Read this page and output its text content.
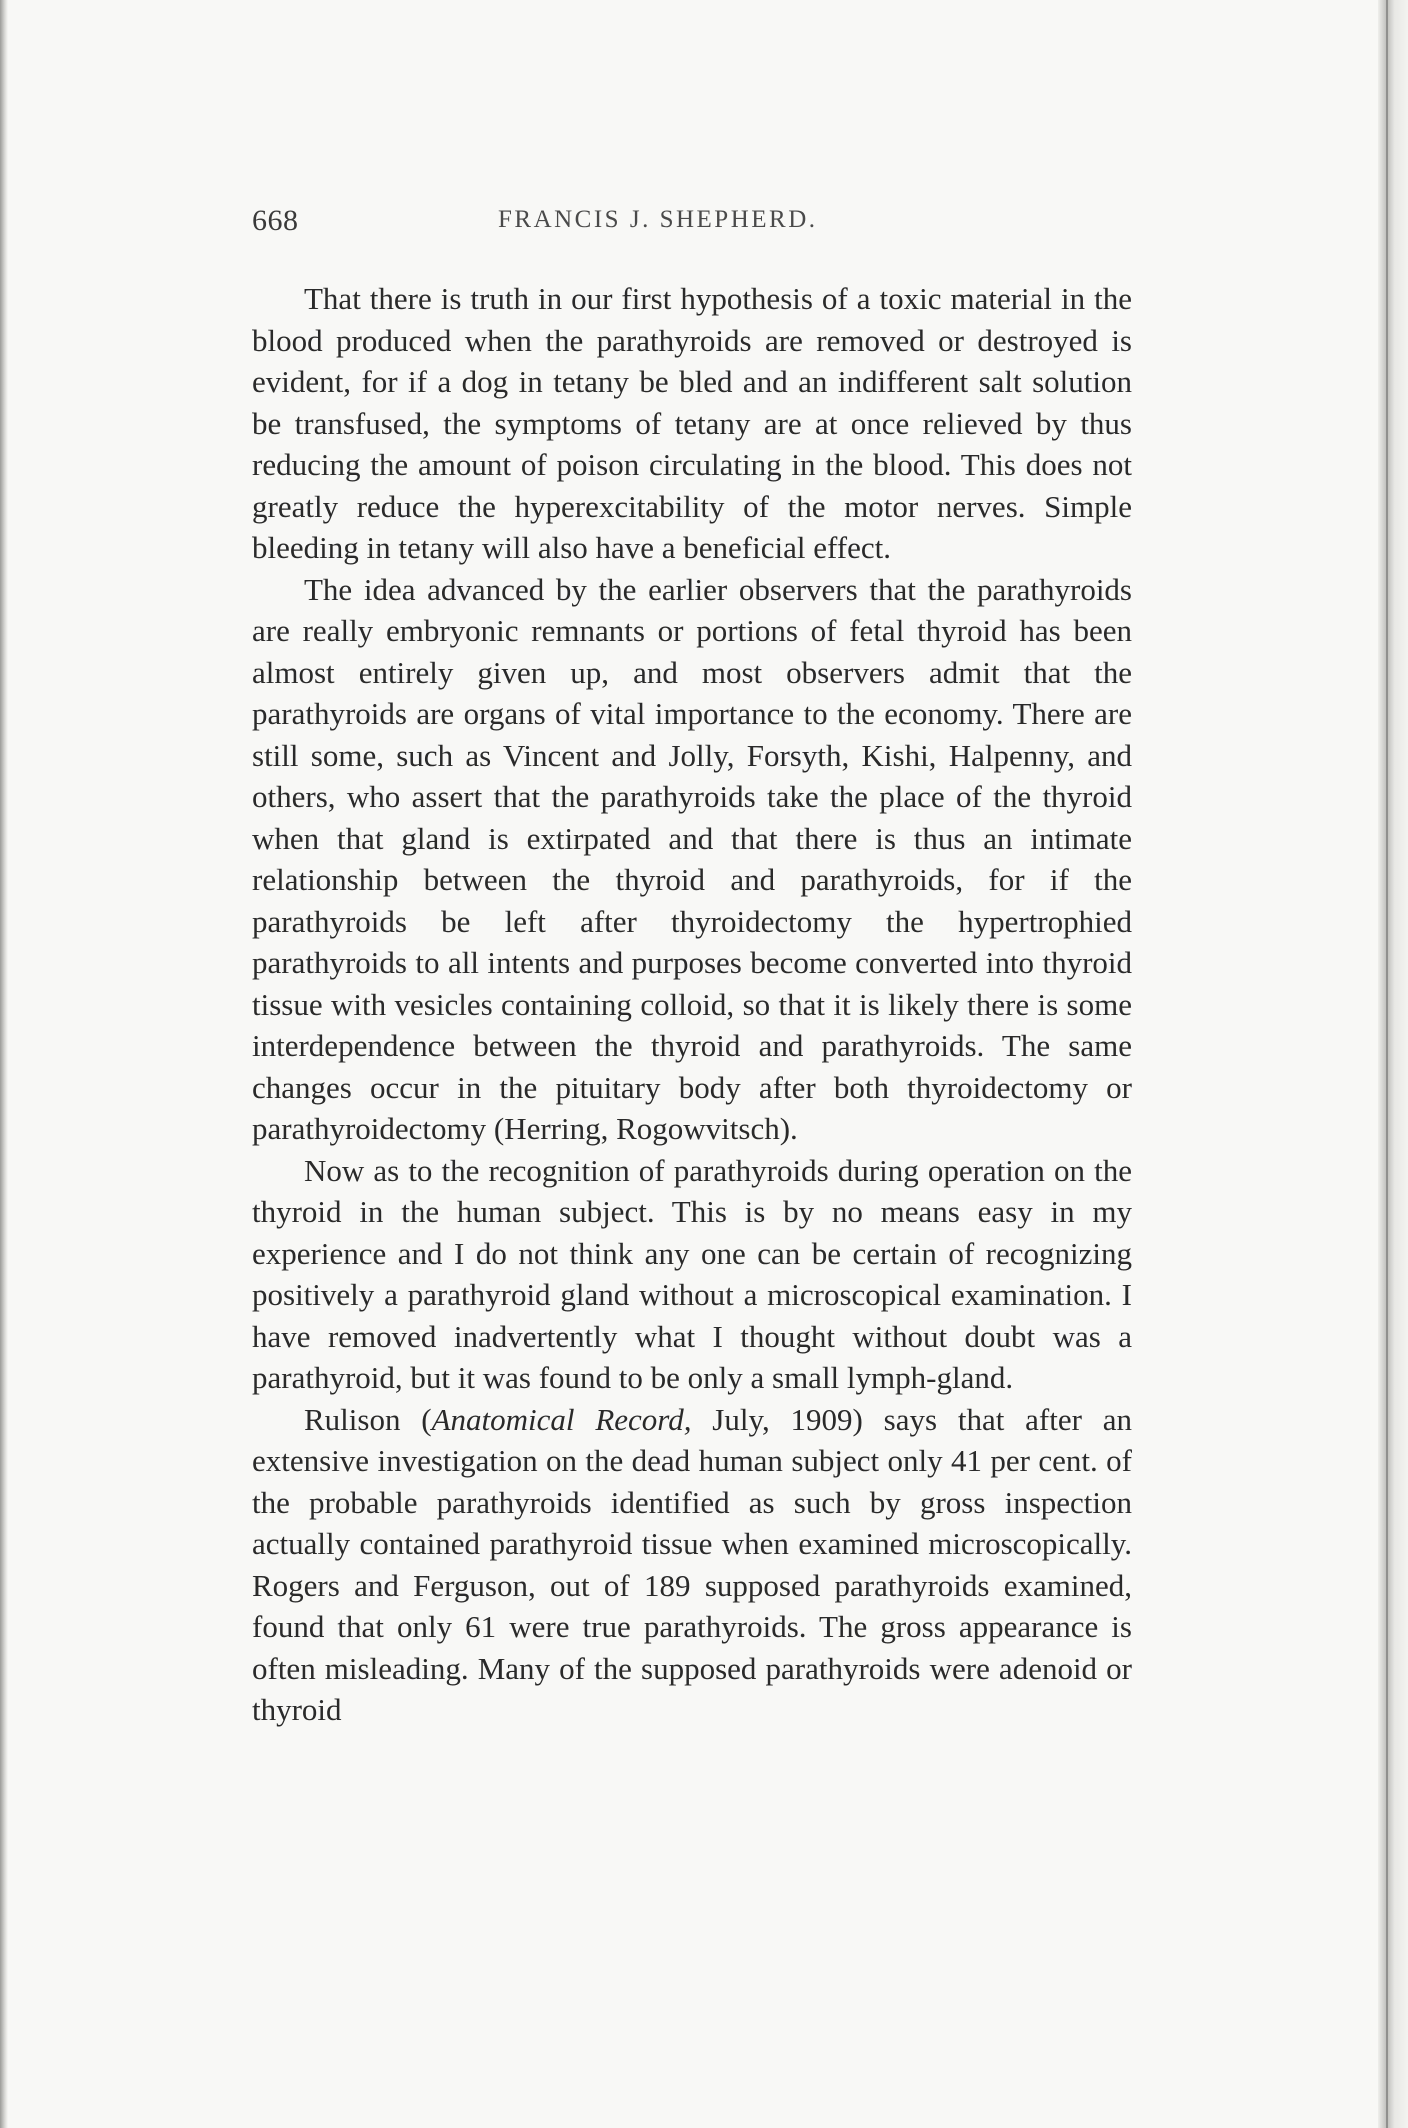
668	FRANCIS J. SHEPHERD.

That there is truth in our first hypothesis of a toxic material in the blood produced when the parathyroids are removed or destroyed is evident, for if a dog in tetany be bled and an indifferent salt solution be transfused, the symptoms of tetany are at once relieved by thus reducing the amount of poison circulating in the blood. This does not greatly reduce the hyperexcitability of the motor nerves. Simple bleeding in tetany will also have a beneficial effect.

The idea advanced by the earlier observers that the parathyroids are really embryonic remnants or portions of fetal thyroid has been almost entirely given up, and most observers admit that the parathyroids are organs of vital importance to the economy. There are still some, such as Vincent and Jolly, Forsyth, Kishi, Halpenny, and others, who assert that the parathyroids take the place of the thyroid when that gland is extirpated and that there is thus an intimate relationship between the thyroid and parathyroids, for if the parathyroids be left after thyroidectomy the hypertrophied parathyroids to all intents and purposes become converted into thyroid tissue with vesicles containing colloid, so that it is likely there is some interdependence between the thyroid and parathyroids. The same changes occur in the pituitary body after both thyroidectomy or parathyroidectomy (Herring, Rogowvitsch).

Now as to the recognition of parathyroids during operation on the thyroid in the human subject. This is by no means easy in my experience and I do not think any one can be certain of recognizing positively a parathyroid gland without a microscopical examination. I have removed inadvertently what I thought without doubt was a parathyroid, but it was found to be only a small lymph-gland.

Rulison (Anatomical Record, July, 1909) says that after an extensive investigation on the dead human subject only 41 per cent. of the probable parathyroids identified as such by gross inspection actually contained parathyroid tissue when examined microscopically. Rogers and Ferguson, out of 189 supposed parathyroids examined, found that only 61 were true parathyroids. The gross appearance is often misleading. Many of the supposed parathyroids were adenoid or thyroid
